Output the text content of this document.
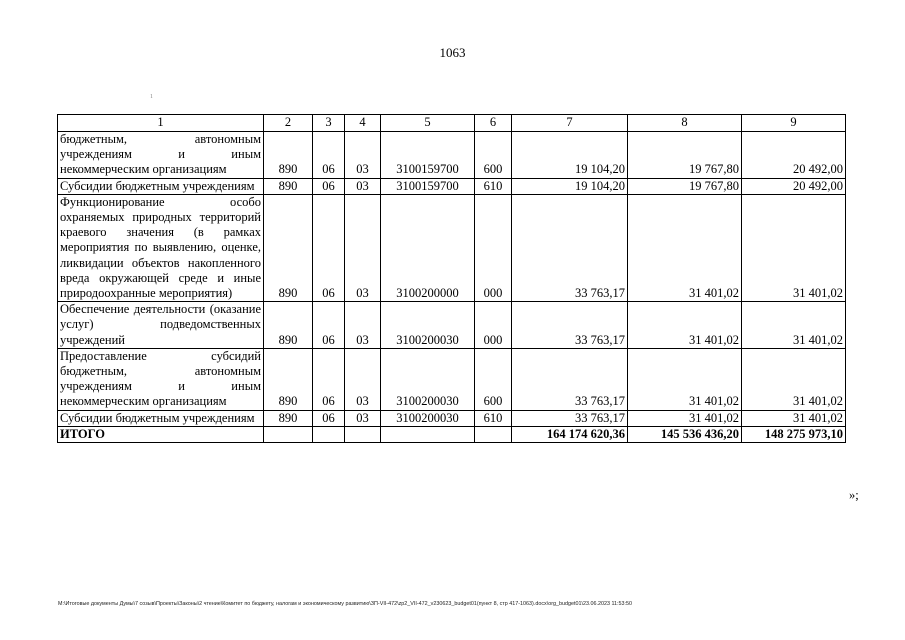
1063
1
1	2	3	4	5	6	7	8	9
бюджетным, автономным учреждениям и иным некоммерческим организациям	890	06	03	3100159700	600	19 104,20	19 767,80	20 492,00
Субсидии бюджетным учреждениям	890	06	03	3100159700	610	19 104,20	19 767,80	20 492,00
Функционирование особо охраняемых природных территорий краевого значения (в рамках мероприятия по выявлению, оценке, ликвидации объектов накопленного вреда окружающей среде и иные природоохранные мероприятия)	890	06	03	3100200000	000	33 763,17	31 401,02	31 401,02
Обеспечение деятельности (оказание услуг) подведомственных учреждений	890	06	03	3100200030	000	33 763,17	31 401,02	31 401,02
Предоставление субсидий бюджетным, автономным учреждениям и иным некоммерческим организациям	890	06	03	3100200030	600	33 763,17	31 401,02	31 401,02
Субсидии бюджетным учреждениям	890	06	03	3100200030	610	33 763,17	31 401,02	31 401,02
ИТОГО						164 174 620,36	145 536 436,20	148 275 973,10
»;
M:\Итоговые документы Думы\7 созыв\Проекты\Законы\2 чтение\Комитет по бюджету, налогам и экономическому развитию\ЗП-VII-472\zp2_VII-472_v230623_budget01(пункт 8, стр 417-1063).docx\org_budget01\23.06.2023 11:53:50
